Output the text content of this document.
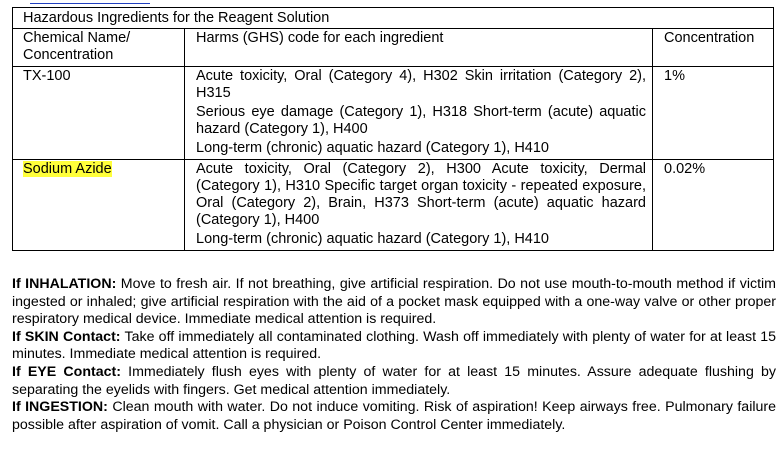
Hazardous Ingredients for the Reagent Solution		
Chemical Name/ Concentration	Harms (GHS) code for each ingredient	Concentration
TX-100	Acute toxicity, Oral (Category 4), H302 Skin irritation (Category 2), H315
Serious eye damage (Category 1), H318 Short-term (acute) aquatic hazard (Category 1), H400
Long-term (chronic) aquatic hazard (Category 1), H410	1%
Sodium Azide	Acute toxicity, Oral (Category 2), H300 Acute toxicity, Dermal (Category 1), H310 Specific target organ toxicity - repeated exposure, Oral (Category 2), Brain, H373 Short-term (acute) aquatic hazard (Category 1), H400
Long-term (chronic) aquatic hazard (Category 1), H410	0.02%
If INHALATION: Move to fresh air. If not breathing, give artificial respiration. Do not use mouth-to-mouth method if victim ingested or inhaled; give artificial respiration with the aid of a pocket mask equipped with a one-way valve or other proper respiratory medical device. Immediate medical attention is required.
If SKIN Contact: Take off immediately all contaminated clothing. Wash off immediately with plenty of water for at least 15 minutes. Immediate medical attention is required.
If EYE Contact: Immediately flush eyes with plenty of water for at least 15 minutes. Assure adequate flushing by separating the eyelids with fingers. Get medical attention immediately.
If INGESTION: Clean mouth with water. Do not induce vomiting. Risk of aspiration! Keep airways free. Pulmonary failure possible after aspiration of vomit. Call a physician or Poison Control Center immediately.
